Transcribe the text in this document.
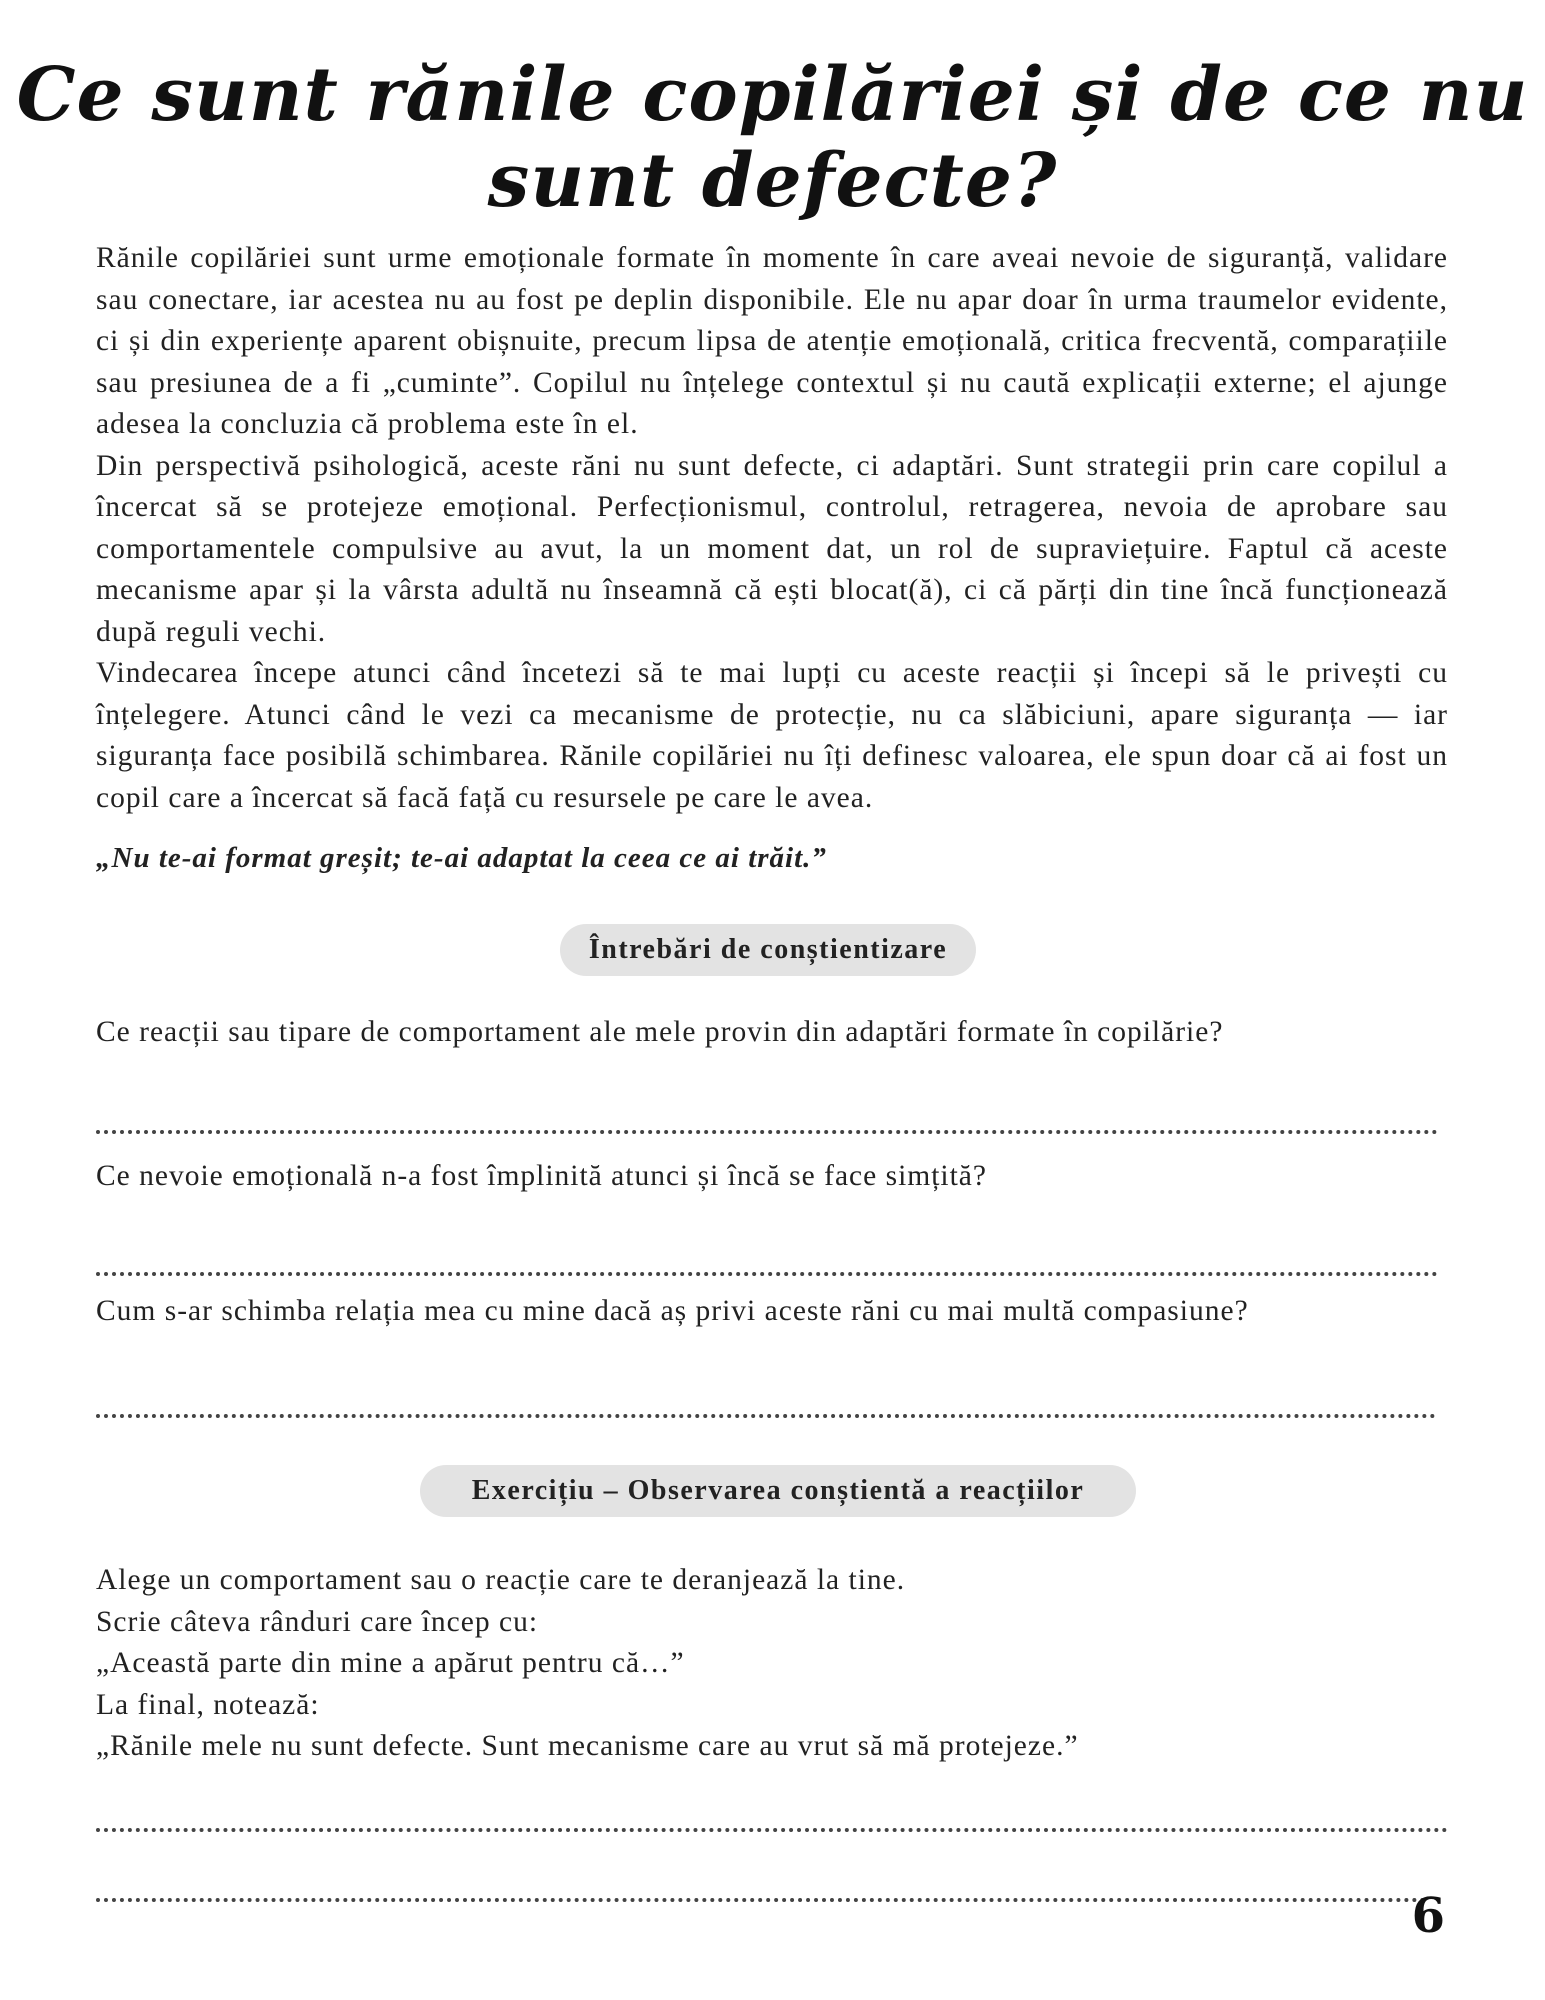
Ce sunt rănile copilăriei și de ce nu
sunt defecte?

Rănile copilăriei sunt urme emoționale formate în momente în care aveai nevoie de siguranță, validare sau conectare, iar acestea nu au fost pe deplin disponibile. Ele nu apar doar în urma traumelor evidente, ci și din experiențe aparent obișnuite, precum lipsa de atenție emoțională, critica frecventă, comparațiile sau presiunea de a fi „cuminte”. Copilul nu înțelege contextul și nu caută explicații externe; el ajunge adesea la concluzia că problema este în el.

Din perspectivă psihologică, aceste răni nu sunt defecte, ci adaptări. Sunt strategii prin care copilul a încercat să se protejeze emoțional. Perfecționismul, controlul, retragerea, nevoia de aprobare sau comportamentele compulsive au avut, la un moment dat, un rol de supraviețuire. Faptul că aceste mecanisme apar și la vârsta adultă nu înseamnă că ești blocat(ă), ci că părți din tine încă funcționează după reguli vechi.

Vindecarea începe atunci când încetezi să te mai lupți cu aceste reacții și începi să le privești cu înțelegere. Atunci când le vezi ca mecanisme de protecție, nu ca slăbiciuni, apare siguranța — iar siguranța face posibilă schimbarea. Rănile copilăriei nu îți definesc valoarea, ele spun doar că ai fost un copil care a încercat să facă față cu resursele pe care le avea.

„Nu te-ai format greșit; te-ai adaptat la ceea ce ai trăit.”
Întrebări de conștientizare
Ce reacții sau tipare de comportament ale mele provin din adaptări formate în copilărie?
Ce nevoie emoțională n-a fost împlinită atunci și încă se face simțită?
Cum s-ar schimba relația mea cu mine dacă aș privi aceste răni cu mai multă compasiune?
Exercițiu – Observarea conștientă a reacțiilor
Alege un comportament sau o reacție care te deranjează la tine.
Scrie câteva rânduri care încep cu:
„Această parte din mine a apărut pentru că…”
La final, notează:
„Rănile mele nu sunt defecte. Sunt mecanisme care au vrut să mă protejeze.”
6
